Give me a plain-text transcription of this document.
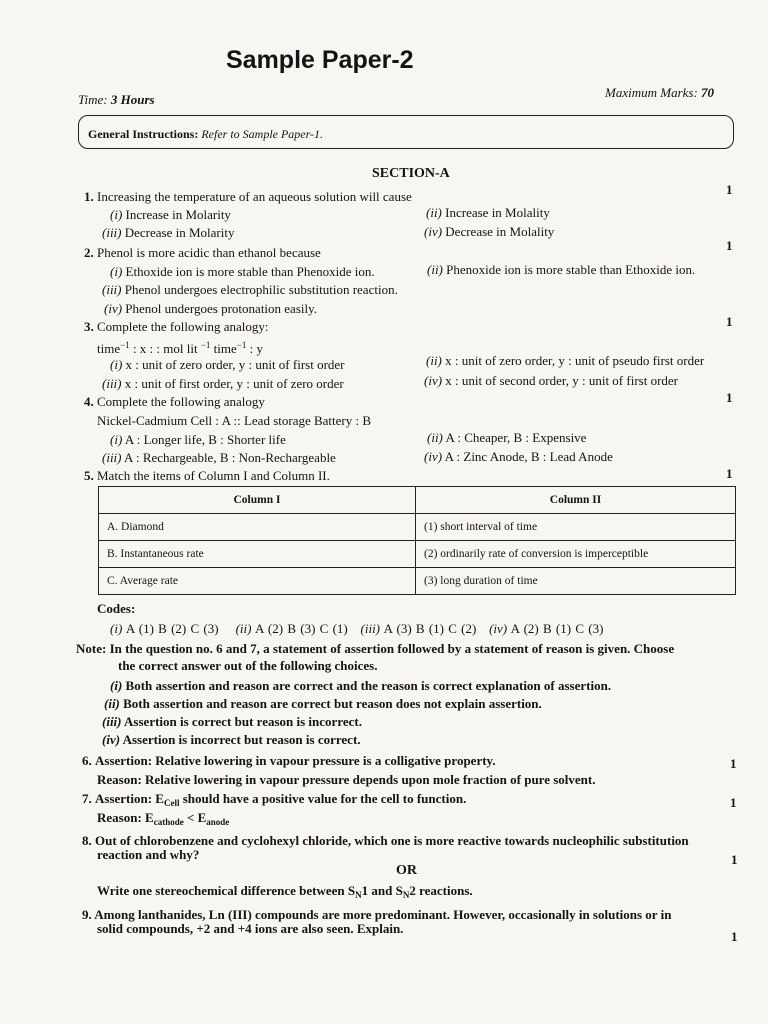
Sample Paper-2
Time: 3 Hours	Maximum Marks: 70
General Instructions: Refer to Sample Paper-1.
SECTION-A
1. Increasing the temperature of an aqueous solution will cause	1
(i) Increase in Molarity	(ii) Increase in Molality
(iii) Decrease in Molarity	(iv) Decrease in Molality
2. Phenol is more acidic than ethanol because	1
(i) Ethoxide ion is more stable than Phenoxide ion.	(ii) Phenoxide ion is more stable than Ethoxide ion.
(iii) Phenol undergoes electrophilic substitution reaction.
(iv) Phenol undergoes protonation easily.
3. Complete the following analogy:	1
time$^{-1}$ : x : : mol lit $^{-1}$ time$^{-1}$ : y
(i) x : unit of zero order, y : unit of first order	(ii) x : unit of zero order, y : unit of pseudo first order
(iii) x : unit of first order, y : unit of zero order	(iv) x : unit of second order, y : unit of first order
4. Complete the following analogy	1
Nickel-Cadmium Cell : A :: Lead storage Battery : B
(i) A : Longer life, B : Shorter life	(ii) A : Cheaper, B : Expensive
(iii) A : Rechargeable, B : Non-Rechargeable	(iv) A : Zinc Anode, B : Lead Anode
5. Match the items of Column I and Column II.	1
Column I	Column II
A. Diamond	(1) short interval of time
B. Instantaneous rate	(2) ordinarily rate of conversion is imperceptible
C. Average rate	(3) long duration of time
Codes:
(i) A (1) B (2) C (3) (ii) A (2) B (3) C (1) (iii) A (3) B (1) C (2) (iv) A (2) B (1) C (3)
Note: In the question no. 6 and 7, a statement of assertion followed by a statement of reason is given. Choose
the correct answer out of the following choices.
(i) Both assertion and reason are correct and the reason is correct explanation of assertion.
(ii) Both assertion and reason are correct but reason does not explain assertion.
(iii) Assertion is correct but reason is incorrect.
(iv) Assertion is incorrect but reason is correct.
6. Assertion: Relative lowering in vapour pressure is a colligative property.	1
Reason: Relative lowering in vapour pressure depends upon mole fraction of pure solvent.
7. Assertion: $E_{Cell}$ should have a positive value for the cell to function.	1
Reason: $E_{cathode} < E_{anode}$
8. Out of chlorobenzene and cyclohexyl chloride, which one is more reactive towards nucleophilic substitution
reaction and why?	1
OR
Write one stereochemical difference between $S_N1$ and $S_N2$ reactions.
9. Among lanthanides, Ln (III) compounds are more predominant. However, occasionally in solutions or in
solid compounds, +2 and +4 ions are also seen. Explain.
1
